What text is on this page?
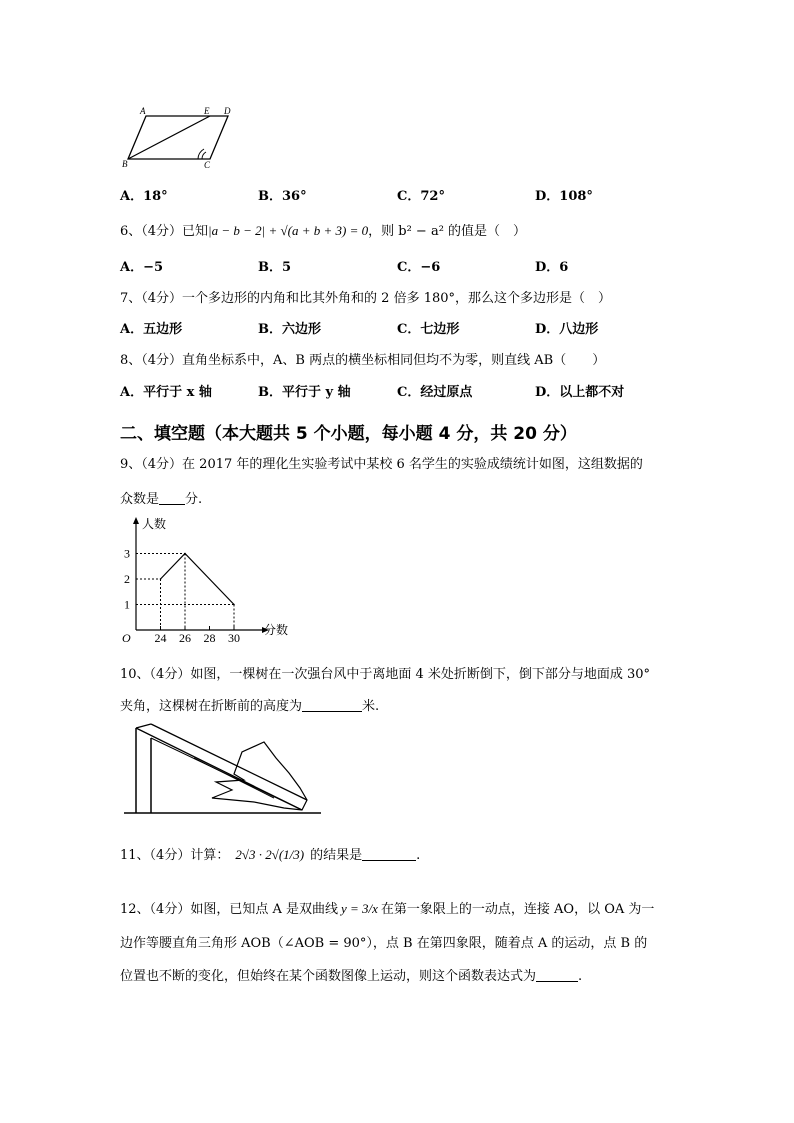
A	E D
B	C
A．18°	B．36°	C．72°	D．108°
6、（4分）已知|a − b − 2| + √(a + b + 3) = 0，则 b² − a² 的值是（　）
A．−5	B．5	C．−6	D．6
7、（4分）一个多边形的内角和比其外角和的 2 倍多 180°，那么这个多边形是（　）
A．五边形	B．六边形	C．七边形	D．八边形
8、（4分）直角坐标系中，A、B 两点的横坐标相同但均不为零，则直线 AB（　　）
A．平行于 x 轴	B．平行于 y 轴	C．经过原点	D．以上都不对
二、填空题（本大题共 5 个小题，每小题 4 分，共 20 分）
9、（4分）在 2017 年的理化生实验考试中某校 6 名学生的实验成绩统计如图，这组数据的
众数是 分.
分数
人数
O 24 26 28 30
1
2
3
10、（4分）如图，一棵树在一次强台风中于离地面 4 米处折断倒下，倒下部分与地面成 30°
夹角，这棵树在折断前的高度为	米.
11、（4分）计算： 2√3 · 2√(1/3) 的结果是	.
12、（4分）如图，已知点 A 是双曲线 y = 3/x 在第一象限上的一动点，连接 AO，以 OA 为一
边作等腰直角三角形 AOB（∠AOB = 90°），点 B 在第四象限，随着点 A 的运动，点 B 的
位置也不断的变化，但始终在某个函数图像上运动，则这个函数表达式为	.
